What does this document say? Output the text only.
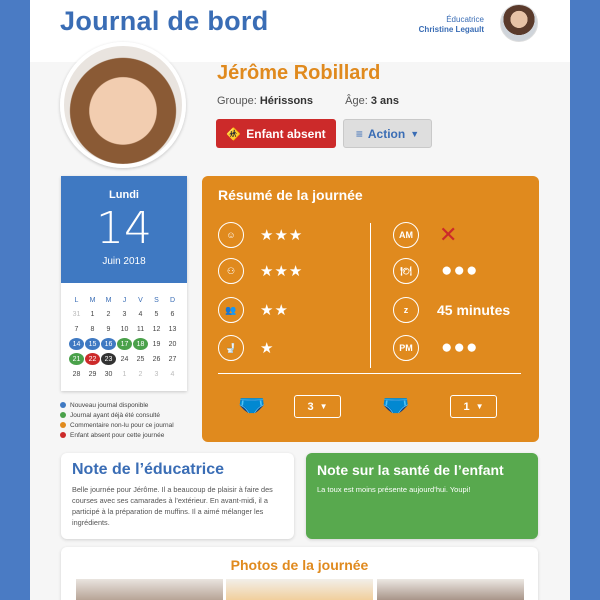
Journal de bord	Éducatrice
Christine Legault
Jérôme Robillard
Groupe: Hérissons	Âge: 3 ans
🚸 Enfant absent	≡ Action ▼
Lundi
14
Juin 2018
L	M	M	J	V	S	D
31	1	2	3	4	5	6
7	8	9	10	11	12	13
14	15	16	17	18	19	20
21	22	23	24	25	26	27
28	29	30	1	2	3	4
Nouveau journal disponible
Journal ayant déjà été consulté
Commentaire non-lu pour ce journal
Enfant absent pour cette journée
Résumé de la journée
☺	★★★
⚇	★★★
👥	★★
🚽	★
AM ✕
🍽	●●●
z	45 minutes
PM	●●●
🩲	3 ▼ 🩲	1 ▼
Note de l’éducatrice

Belle journée pour Jérôme. Il a beaucoup de plaisir à faire des courses avec ses camarades à l’extérieur. En avant-midi, il a participé à la préparation de muffins. Il a aimé mélanger les ingrédients.

Note sur la santé de l’enfant

La toux est moins présente aujourd’hui. Youpi!

Photos de la journée
